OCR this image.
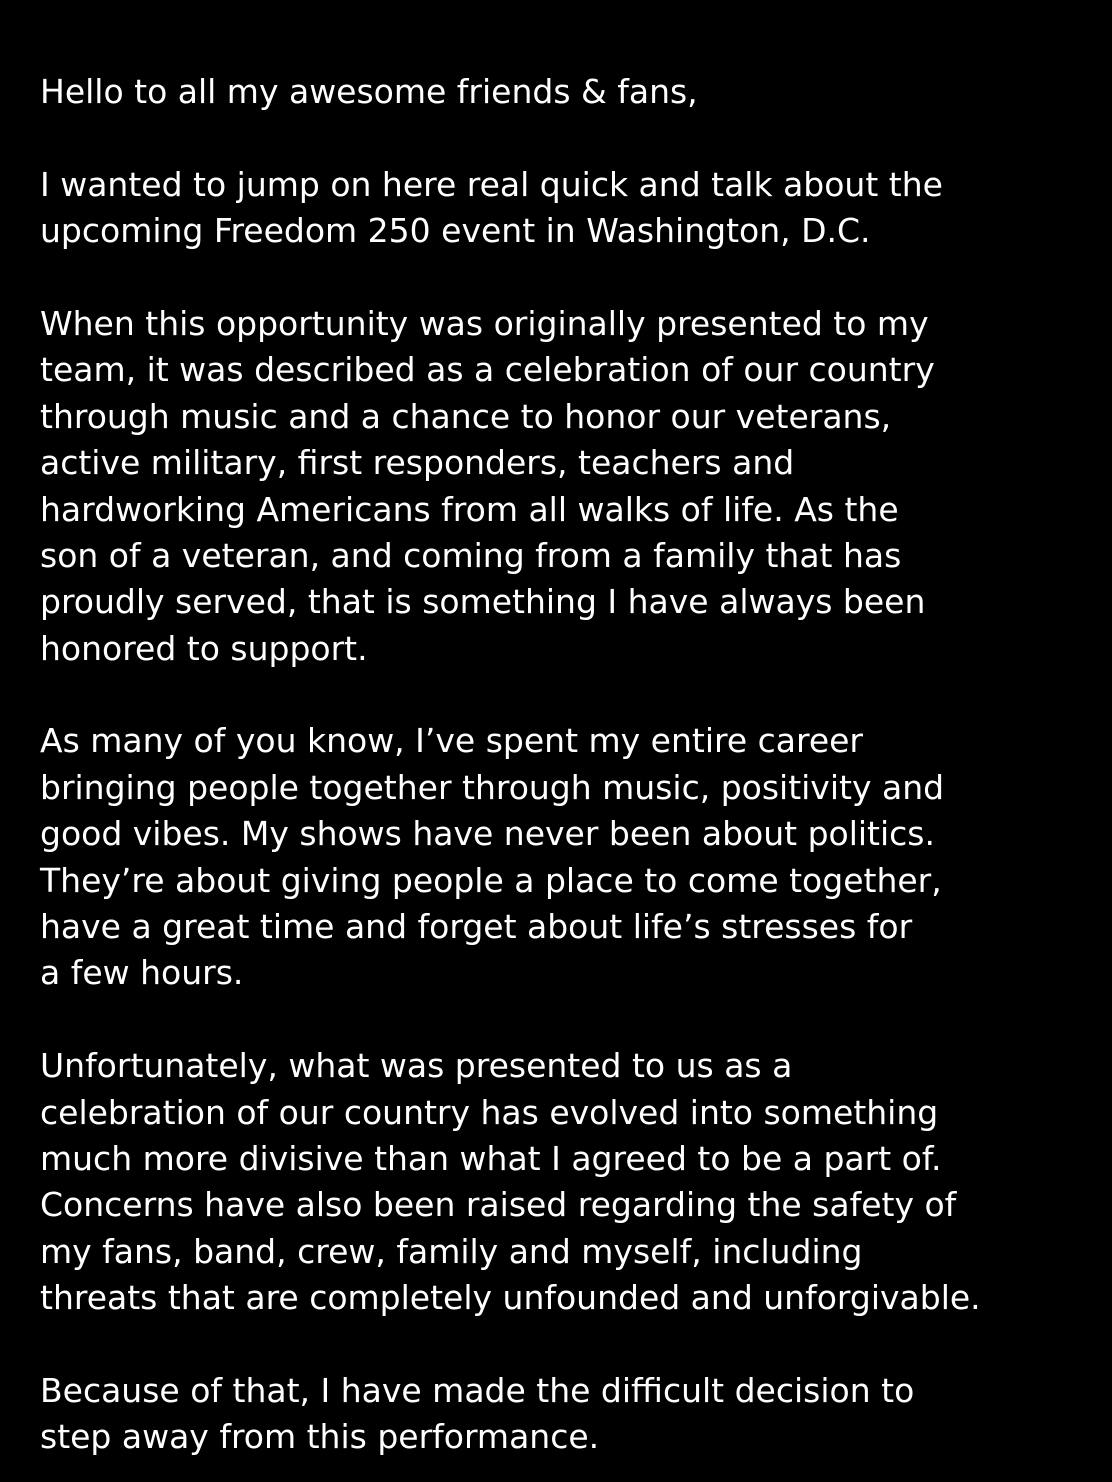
Hello to all my awesome friends & fans,

I wanted to jump on here real quick and talk about the
upcoming Freedom 250 event in Washington, D.C.

When this opportunity was originally presented to my
team, it was described as a celebration of our country
through music and a chance to honor our veterans,
active military, first responders, teachers and
hardworking Americans from all walks of life. As the
son of a veteran, and coming from a family that has
proudly served, that is something I have always been
honored to support.

As many of you know, I’ve spent my entire career
bringing people together through music, positivity and
good vibes. My shows have never been about politics.
They’re about giving people a place to come together,
have a great time and forget about life’s stresses for
a few hours.

Unfortunately, what was presented to us as a
celebration of our country has evolved into something
much more divisive than what I agreed to be a part of.
Concerns have also been raised regarding the safety of
my fans, band, crew, family and myself, including
threats that are completely unfounded and unforgivable.

Because of that, I have made the difficult decision to
step away from this performance.
